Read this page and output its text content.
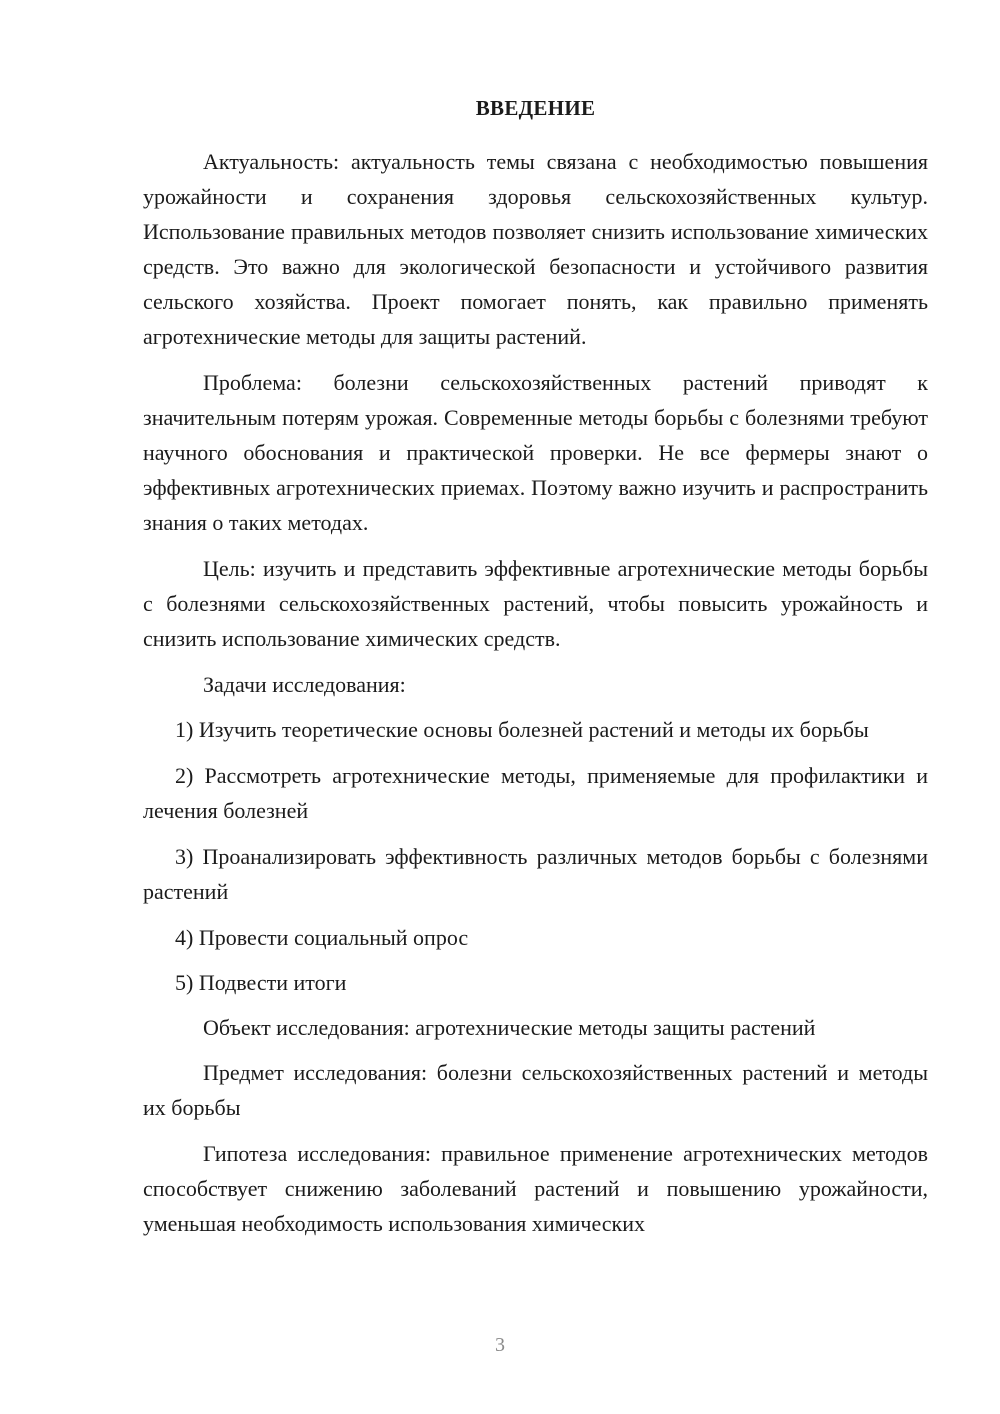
ВВЕДЕНИЕ

Актуальность: актуальность темы связана с необходимостью повышения урожайности и сохранения здоровья сельскохозяйственных культур. Использование правильных методов позволяет снизить использование химических средств. Это важно для экологической безопасности и устойчивого развития сельского хозяйства. Проект помогает понять, как правильно применять агротехнические методы для защиты растений.

Проблема: болезни сельскохозяйственных растений приводят к значительным потерям урожая. Современные методы борьбы с болезнями требуют научного обоснования и практической проверки. Не все фермеры знают о эффективных агротехнических приемах. Поэтому важно изучить и распространить знания о таких методах.

Цель: изучить и представить эффективные агротехнические методы борьбы с болезнями сельскохозяйственных растений, чтобы повысить урожайность и снизить использование химических средств.

Задачи исследования:

1) Изучить теоретические основы болезней растений и методы их борьбы

2) Рассмотреть агротехнические методы, применяемые для профилактики и лечения болезней

3) Проанализировать эффективность различных методов борьбы с болезнями растений

4) Провести социальный опрос

5) Подвести итоги

Объект исследования: агротехнические методы защиты растений

Предмет исследования: болезни сельскохозяйственных растений и методы их борьбы

Гипотеза исследования: правильное применение агротехнических методов способствует снижению заболеваний растений и повышению урожайности, уменьшая необходимость использования химических

3
